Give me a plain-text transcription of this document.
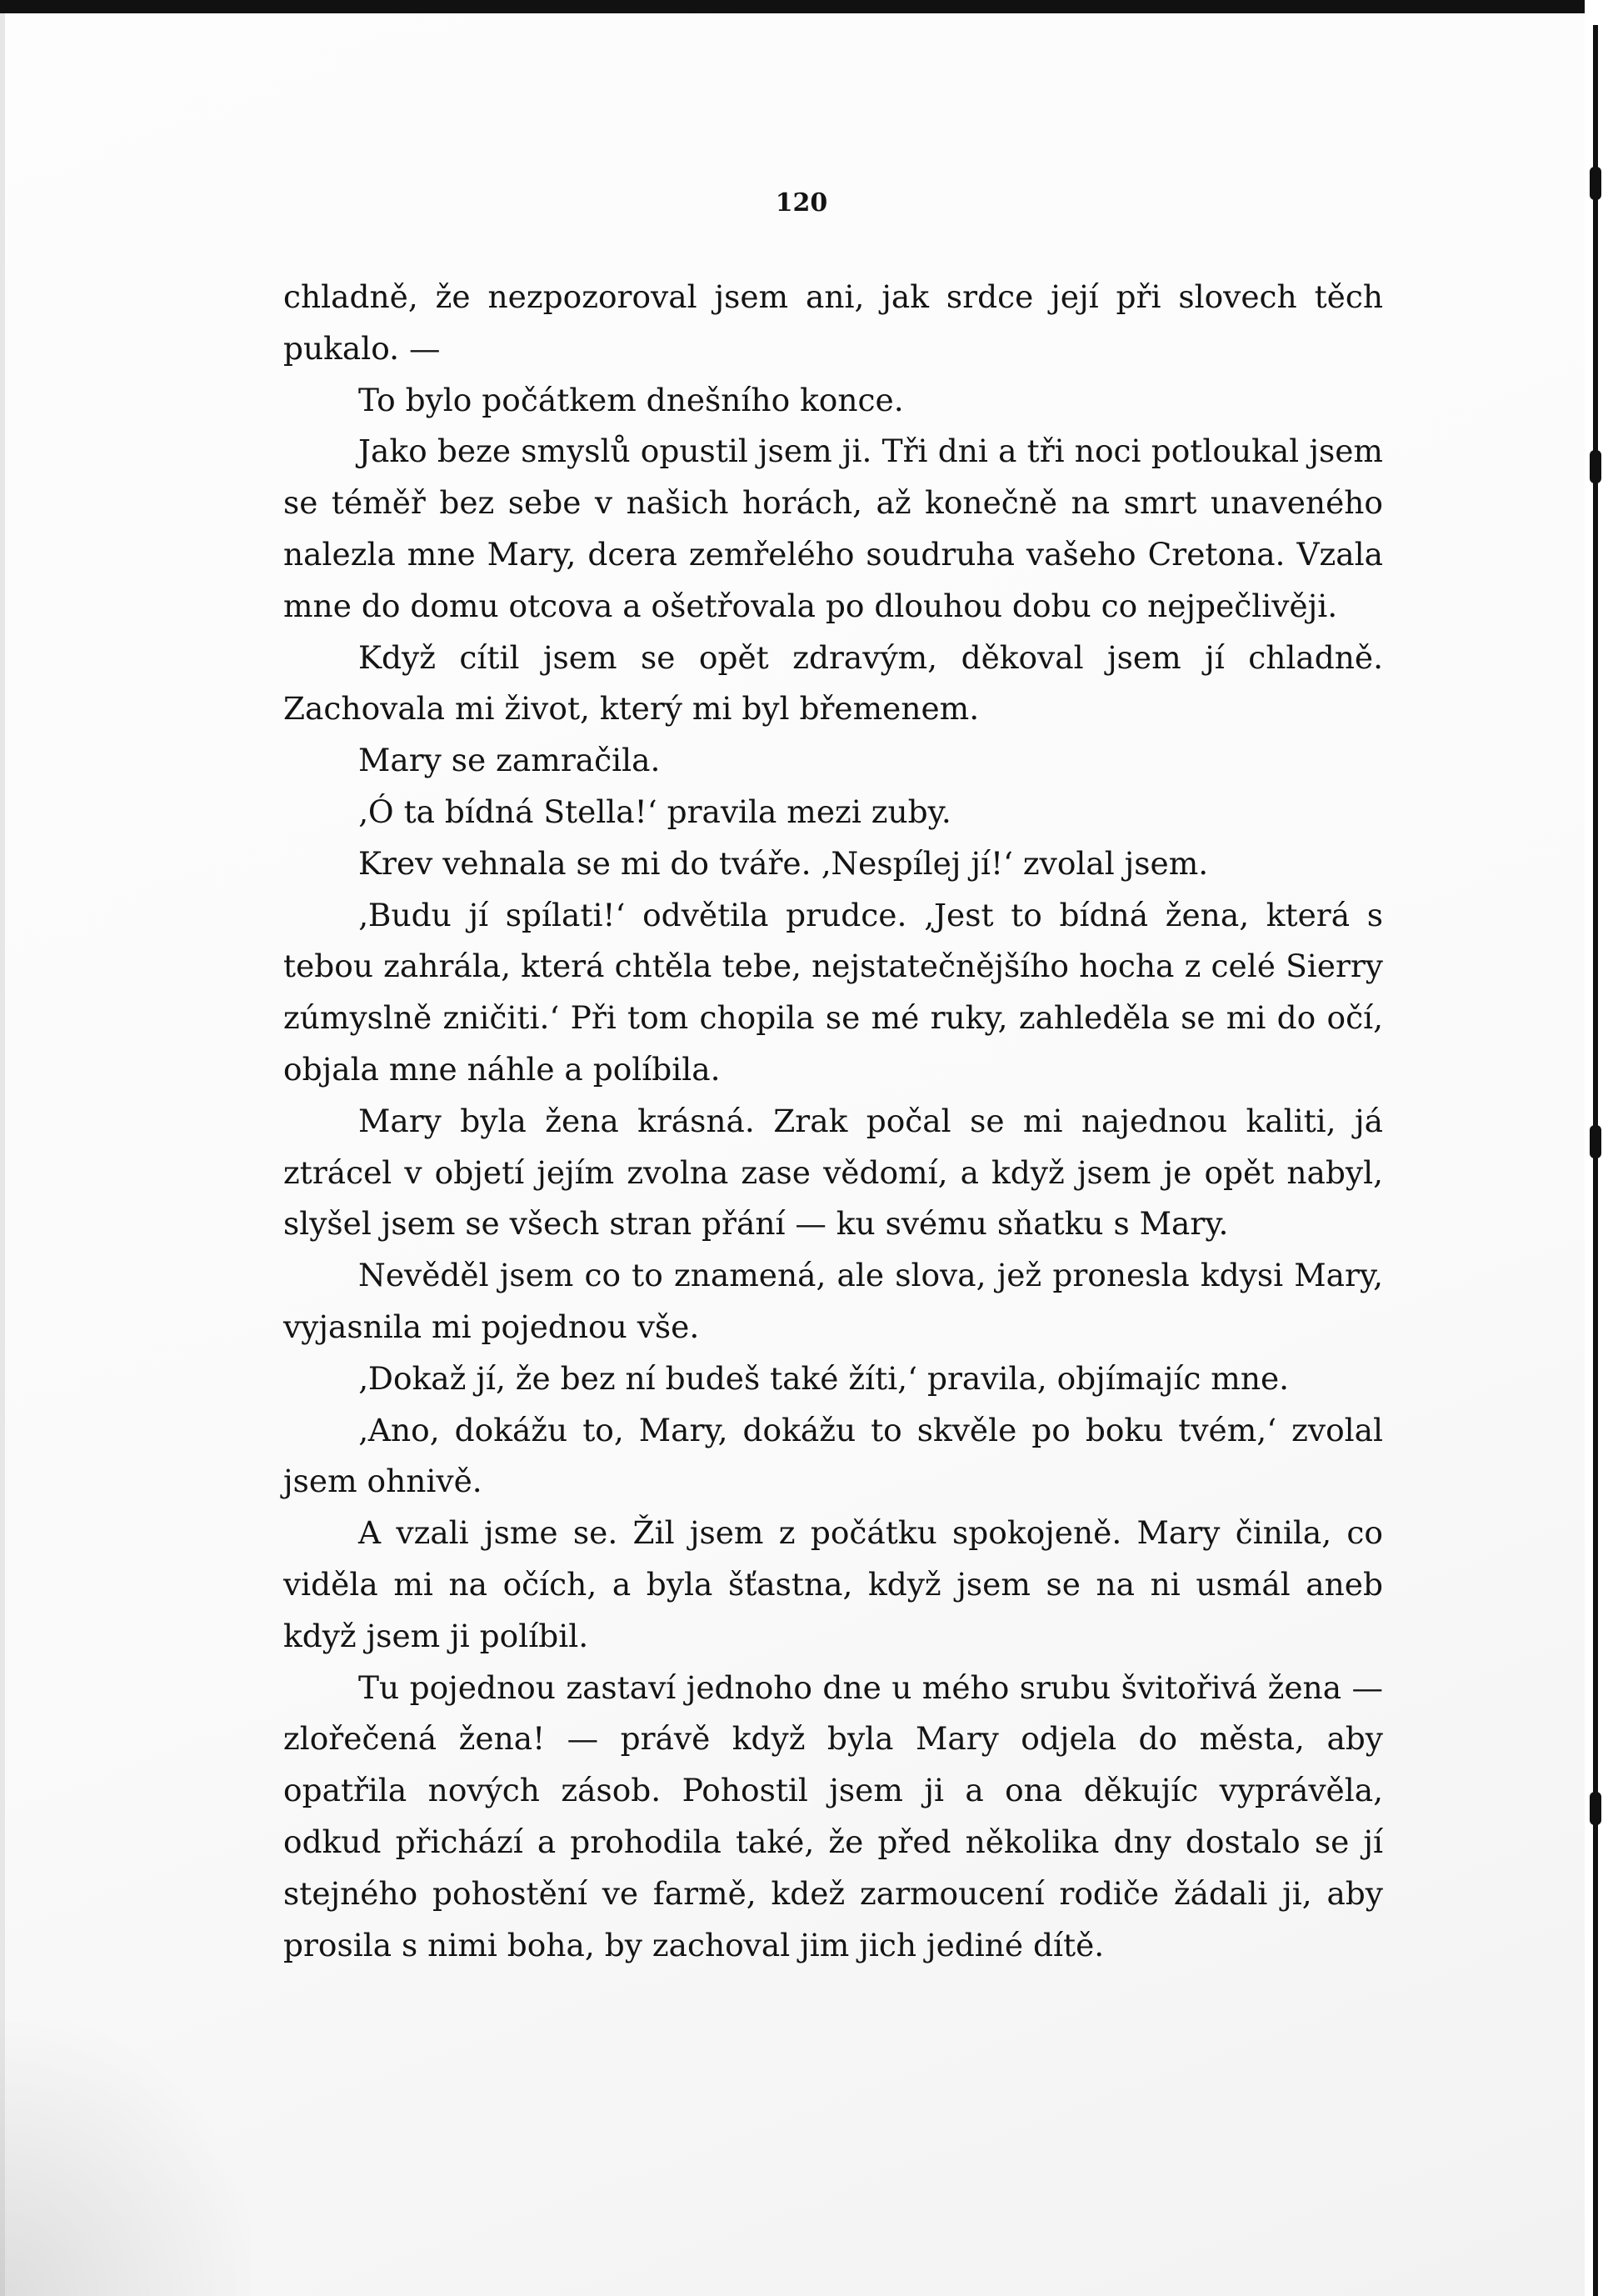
120

chladně, že nezpozoroval jsem ani, jak srdce její při slovech těch pukalo. —

To bylo počátkem dnešního konce.

Jako beze smyslů opustil jsem ji. Tři dni a tři noci potloukal jsem se téměř bez sebe v našich horách, až konečně na smrt unaveného nalezla mne Mary, dcera zemřelého soudruha vašeho Cretona. Vzala mne do domu otcova a ošetřovala po dlouhou dobu co nejpečlivěji.

Když cítil jsem se opět zdravým, děkoval jsem jí chladně. Zachovala mi život, který mi byl břemenem.

Mary se zamračila.

‚Ó ta bídná Stella!‘ pravila mezi zuby.

Krev vehnala se mi do tváře. ‚Nespílej jí!‘ zvolal jsem.

‚Budu jí spílati!‘ odvětila prudce. ‚Jest to bídná žena, která s tebou zahrála, která chtěla tebe, nejstatečnějšího hocha z celé Sierry zúmyslně zničiti.‘ Při tom chopila se mé ruky, zahleděla se mi do očí, objala mne náhle a políbila.

Mary byla žena krásná. Zrak počal se mi najednou kaliti, já ztrácel v objetí jejím zvolna zase vědomí, a když jsem je opět nabyl, slyšel jsem se všech stran přání — ku svému sňatku s Mary.

Nevěděl jsem co to znamená, ale slova, jež pronesla kdysi Mary, vyjasnila mi pojednou vše.

‚Dokaž jí, že bez ní budeš také žíti,‘ pravila, objímajíc mne.

‚Ano, dokážu to, Mary, dokážu to skvěle po boku tvém,‘ zvolal jsem ohnivě.

A vzali jsme se. Žil jsem z počátku spokojeně. Mary činila, co viděla mi na očích, a byla šťastna, když jsem se na ni usmál aneb když jsem ji políbil.

Tu pojednou zastaví jednoho dne u mého srubu švitořivá žena — zlořečená žena! — právě když byla Mary odjela do města, aby opatřila nových zásob. Pohostil jsem ji a ona děkujíc vyprávěla, odkud přichází a prohodila také, že před několika dny dostalo se jí stejného pohostění ve farmě, kdež zarmoucení rodiče žádali ji, aby prosila s nimi boha, by zachoval jim jich jediné dítě.
